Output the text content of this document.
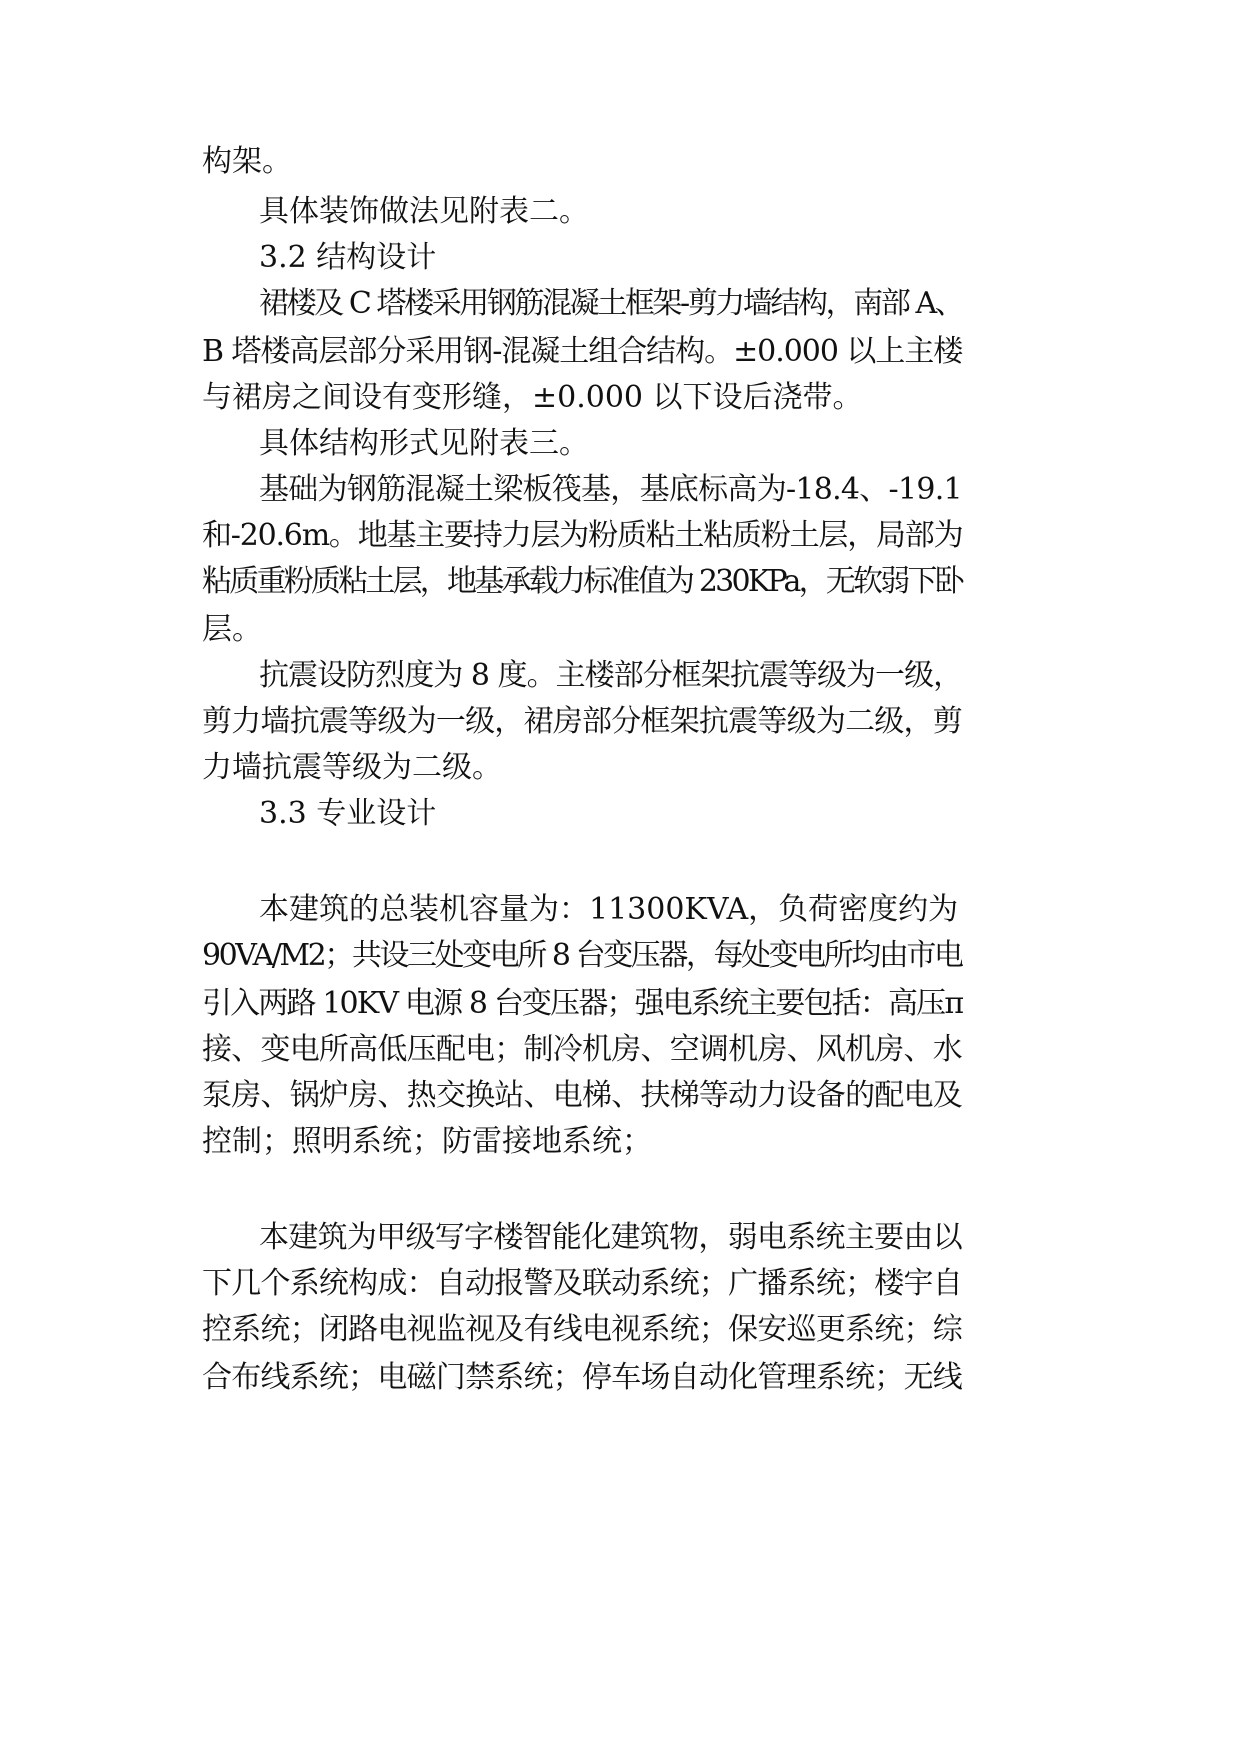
构架。
具体装饰做法见附表二。
3.2 结构设计
裙楼及 C 塔楼采用钢筋混凝土框架-剪力墙结构，南部 A、
B 塔楼高层部分采用钢-混凝土组合结构。±0.000 以上主楼
与裙房之间设有变形缝，±0.000 以下设后浇带。
具体结构形式见附表三。
基础为钢筋混凝土梁板筏基，基底标高为-18.4、-19.1
和-20.6m。地基主要持力层为粉质粘土粘质粉土层，局部为
粘质重粉质粘土层，地基承载力标准值为 230KPa，无软弱下卧
层。
抗震设防烈度为 8 度。主楼部分框架抗震等级为一级，
剪力墙抗震等级为一级，裙房部分框架抗震等级为二级，剪
力墙抗震等级为二级。
3.3 专业设计
本建筑的总装机容量为：11300KVA，负荷密度约为
90VA/M2；共设三处变电所 8 台变压器，每处变电所均由市电
引入两路 10KV 电源 8 台变压器；强电系统主要包括：高压π
接、变电所高低压配电；制冷机房、空调机房、风机房、水
泵房、锅炉房、热交换站、电梯、扶梯等动力设备的配电及
控制；照明系统；防雷接地系统；
本建筑为甲级写字楼智能化建筑物，弱电系统主要由以
下几个系统构成：自动报警及联动系统；广播系统；楼宇自
控系统；闭路电视监视及有线电视系统；保安巡更系统；综
合布线系统；电磁门禁系统；停车场自动化管理系统；无线
